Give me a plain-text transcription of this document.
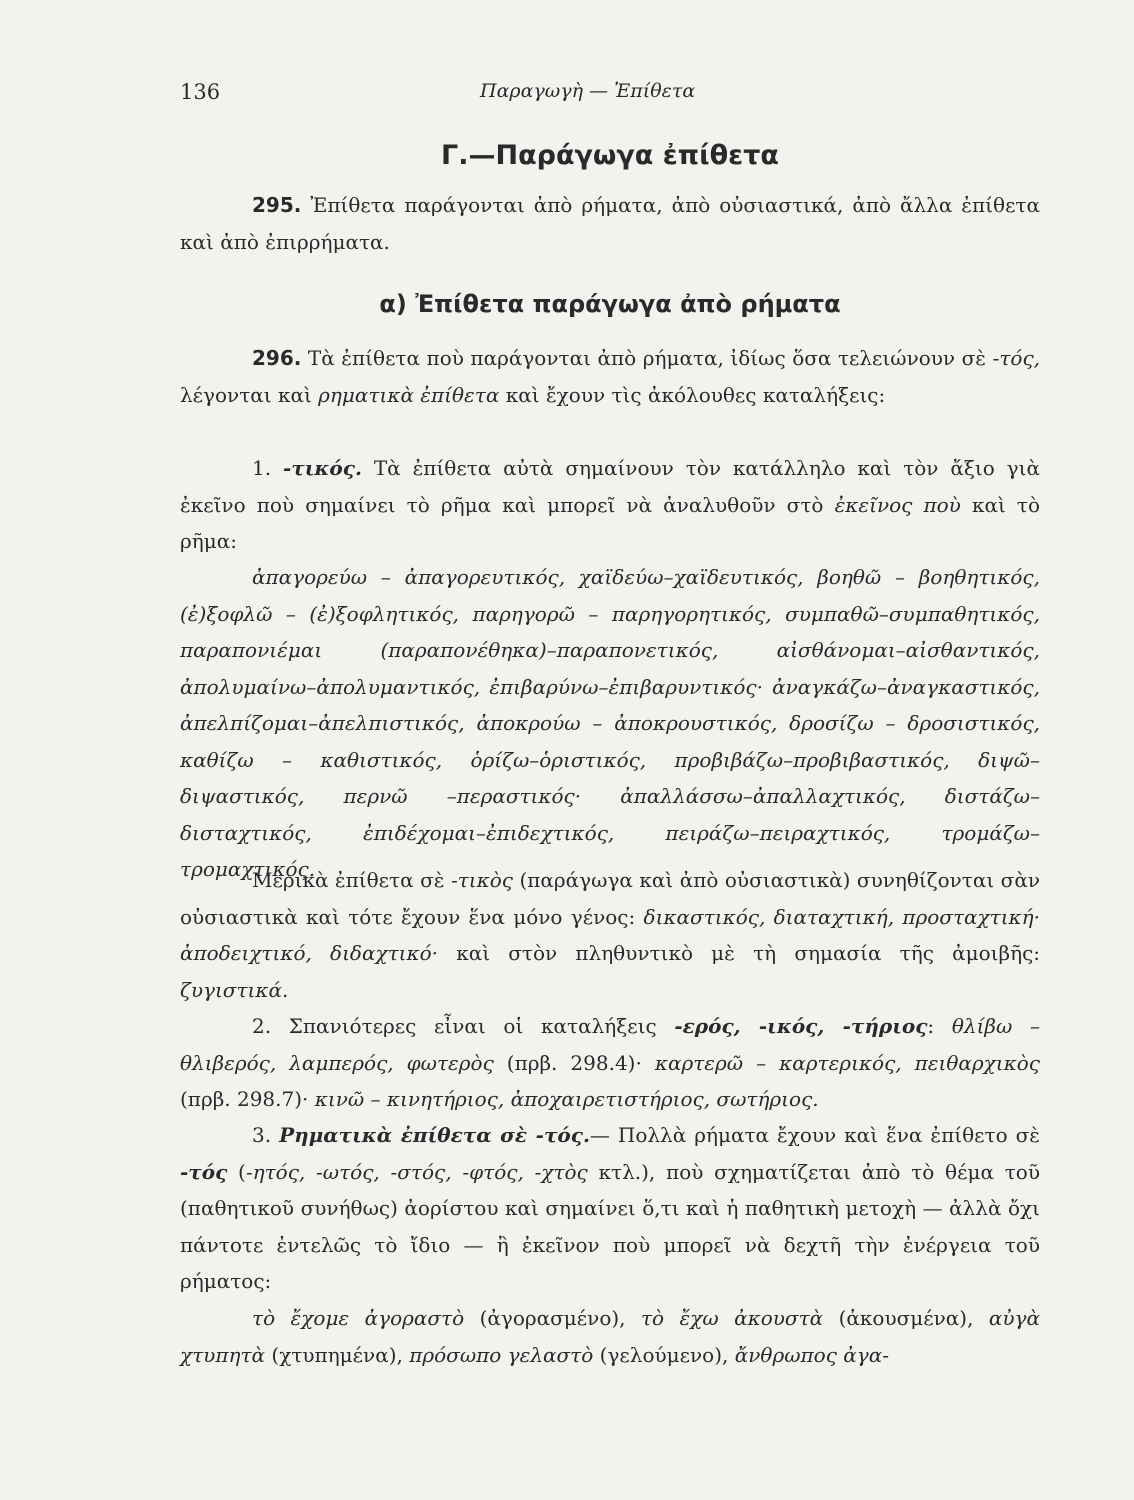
136	Παραγωγὴ — Ἐπίθετα
Γ.—Παράγωγα ἐπίθετα

295. Ἐπίθετα παράγονται ἀπὸ ρήματα, ἀπὸ οὐσιαστικά, ἀπὸ ἄλλα ἐπίθετα καὶ ἀπὸ ἐπιρρήματα.

α) Ἐπίθετα παράγωγα ἀπὸ ρήματα

296. Τὰ ἐπίθετα ποὺ παράγονται ἀπὸ ρήματα, ἰδίως ὅσα τελειώνουν σὲ -τός, λέγονται καὶ ρηματικὰ ἐπίθετα καὶ ἔχουν τὶς ἀκόλουθες καταλήξεις:

1. -τικός. Τὰ ἐπίθετα αὐτὰ σημαίνουν τὸν κατάλληλο καὶ τὸν ἄξιο γιὰ ἐκεῖνο ποὺ σημαίνει τὸ ρῆμα καὶ μπορεῖ νὰ ἀναλυθοῦν στὸ ἐκεῖνος ποὺ καὶ τὸ ρῆμα:

ἀπαγορεύω – ἀπαγορευτικός, χαϊδεύω–χαϊδευτικός, βοηθῶ – βοηθητικός, (ἐ)ξοφλῶ – (ἐ)ξοφλητικός, παρηγορῶ – παρηγορητικός, συμπαθῶ–συμπαθητικός, παραπονιέμαι (παραπονέθηκα)–παραπονετικός, αἰσθάνομαι–αἰσθαντικός, ἀπολυμαίνω–ἀπολυμαντικός, ἐπιβαρύνω–ἐπιβαρυντικός· ἀναγκάζω–ἀναγκαστικός, ἀπελπίζομαι–ἀπελπιστικός, ἀποκρούω – ἀποκρουστικός, δροσίζω – δροσιστικός, καθίζω – καθιστικός, ὁρίζω–ὁριστικός, προβιβάζω–προβιβαστικός, διψῶ–διψαστικός, περνῶ –περαστικός· ἀπαλλάσσω–ἀπαλλαχτικός, διστάζω–δισταχτικός, ἐπιδέχομαι–ἐπιδεχτικός, πειράζω–πειραχτικός, τρομάζω–τρομαχτικός.

Μερικὰ ἐπίθετα σὲ -τικὸς (παράγωγα καὶ ἀπὸ οὐσιαστικὰ) συνηθίζονται σὰν οὐσιαστικὰ καὶ τότε ἔχουν ἕνα μόνο γένος: δικαστικός, διαταχτική, προσταχτική· ἀποδειχτικό, διδαχτικό· καὶ στὸν πληθυντικὸ μὲ τὴ σημασία τῆς ἀμοιβῆς: ζυγιστικά.

2. Σπανιότερες εἶναι οἱ καταλήξεις -ερός, -ικός, -τήριος: θλίβω – θλιβερός, λαμπερός, φωτερὸς (πρβ. 298.4)· καρτερῶ – καρτερικός, πειθαρχικὸς (πρβ. 298.7)· κινῶ – κινητήριος, ἀποχαιρετιστήριος, σωτήριος.

3. Ρηματικὰ ἐπίθετα σὲ -τός.— Πολλὰ ρήματα ἔχουν καὶ ἕνα ἐπίθετο σὲ -τός (-ητός, -ωτός, -στός, -φτός, -χτὸς κτλ.), ποὺ σχηματίζεται ἀπὸ τὸ θέμα τοῦ (παθητικοῦ συνήθως) ἀορίστου καὶ σημαίνει ὅ,τι καὶ ἡ παθητικὴ μετοχὴ — ἀλλὰ ὄχι πάντοτε ἐντελῶς τὸ ἴδιο — ἢ ἐκεῖνον ποὺ μπορεῖ νὰ δεχτῆ τὴν ἐνέργεια τοῦ ρήματος:

τὸ ἔχομε ἀγοραστὸ (ἀγορασμένο), τὸ ἔχω ἀκουστὰ (ἀκουσμένα), αὐγὰ χτυπητὰ (χτυπημένα), πρόσωπο γελαστὸ (γελούμενο), ἄνθρωπος ἀγα-
